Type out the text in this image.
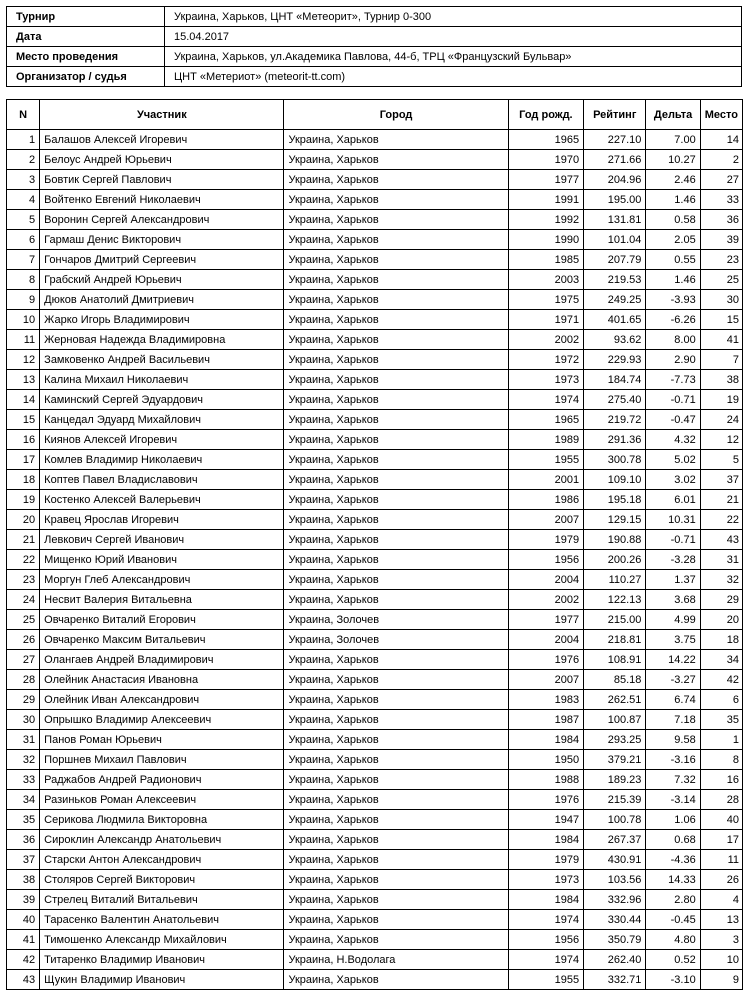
Турнир	Украина, Харьков, ЦНТ «Метеорит», Турнир 0-300
Дата	15.04.2017
Место проведения	Украина, Харьков, ул.Академика Павлова, 44-б, ТРЦ «Французский Бульвар»
Организатор / судья	ЦНТ «Метериот» (meteorit-tt.com)
N	Участник	Город	Год рожд.	Рейтинг	Дельта	Место
1	Балашов Алексей Игоревич	Украина, Харьков	1965	227.10	7.00	14
2	Белоус Андрей Юрьевич	Украина, Харьков	1970	271.66	10.27	2
3	Бовтик Сергей Павлович	Украина, Харьков	1977	204.96	2.46	27
4	Войтенко Евгений Николаевич	Украина, Харьков	1991	195.00	1.46	33
5	Воронин Сергей Александрович	Украина, Харьков	1992	131.81	0.58	36
6	Гармаш Денис Викторович	Украина, Харьков	1990	101.04	2.05	39
7	Гончаров Дмитрий Сергеевич	Украина, Харьков	1985	207.79	0.55	23
8	Грабский Андрей Юрьевич	Украина, Харьков	2003	219.53	1.46	25
9	Дюков Анатолий Дмитриевич	Украина, Харьков	1975	249.25	-3.93	30
10	Жарко Игорь Владимирович	Украина, Харьков	1971	401.65	-6.26	15
11	Жерновая Надежда Владимировна	Украина, Харьков	2002	93.62	8.00	41
12	Замковенко Андрей Васильевич	Украина, Харьков	1972	229.93	2.90	7
13	Калина Михаил Николаевич	Украина, Харьков	1973	184.74	-7.73	38
14	Каминский Сергей Эдуардович	Украина, Харьков	1974	275.40	-0.71	19
15	Канцедал Эдуард Михайлович	Украина, Харьков	1965	219.72	-0.47	24
16	Киянов Алексей Игоревич	Украина, Харьков	1989	291.36	4.32	12
17	Комлев Владимир Николаевич	Украина, Харьков	1955	300.78	5.02	5
18	Коптев Павел Владиславович	Украина, Харьков	2001	109.10	3.02	37
19	Костенко Алексей Валерьевич	Украина, Харьков	1986	195.18	6.01	21
20	Кравец Ярослав Игоревич	Украина, Харьков	2007	129.15	10.31	22
21	Левкович Сергей Иванович	Украина, Харьков	1979	190.88	-0.71	43
22	Мищенко Юрий Иванович	Украина, Харьков	1956	200.26	-3.28	31
23	Моргун Глеб Александрович	Украина, Харьков	2004	110.27	1.37	32
24	Несвит Валерия Витальевна	Украина, Харьков	2002	122.13	3.68	29
25	Овчаренко Виталий Егорович	Украина, Золочев	1977	215.00	4.99	20
26	Овчаренко Максим Витальевич	Украина, Золочев	2004	218.81	3.75	18
27	Олангаев Андрей Владимирович	Украина, Харьков	1976	108.91	14.22	34
28	Олейник Анастасия Ивановна	Украина, Харьков	2007	85.18	-3.27	42
29	Олейник Иван Александрович	Украина, Харьков	1983	262.51	6.74	6
30	Опрышко Владимир Алексеевич	Украина, Харьков	1987	100.87	7.18	35
31	Панов Роман Юрьевич	Украина, Харьков	1984	293.25	9.58	1
32	Поршнев Михаил Павлович	Украина, Харьков	1950	379.21	-3.16	8
33	Раджабов Андрей Радионович	Украина, Харьков	1988	189.23	7.32	16
34	Разиньков Роман Алексеевич	Украина, Харьков	1976	215.39	-3.14	28
35	Серикова Людмила Викторовна	Украина, Харьков	1947	100.78	1.06	40
36	Сироклин Александр Анатольевич	Украина, Харьков	1984	267.37	0.68	17
37	Старски Антон Александрович	Украина, Харьков	1979	430.91	-4.36	11
38	Столяров Сергей Викторович	Украина, Харьков	1973	103.56	14.33	26
39	Стрелец Виталий Витальевич	Украина, Харьков	1984	332.96	2.80	4
40	Тарасенко Валентин Анатольевич	Украина, Харьков	1974	330.44	-0.45	13
41	Тимошенко Александр Михайлович	Украина, Харьков	1956	350.79	4.80	3
42	Титаренко Владимир Иванович	Украина, Н.Водолага	1974	262.40	0.52	10
43	Щукин Владимир Иванович	Украина, Харьков	1955	332.71	-3.10	9
